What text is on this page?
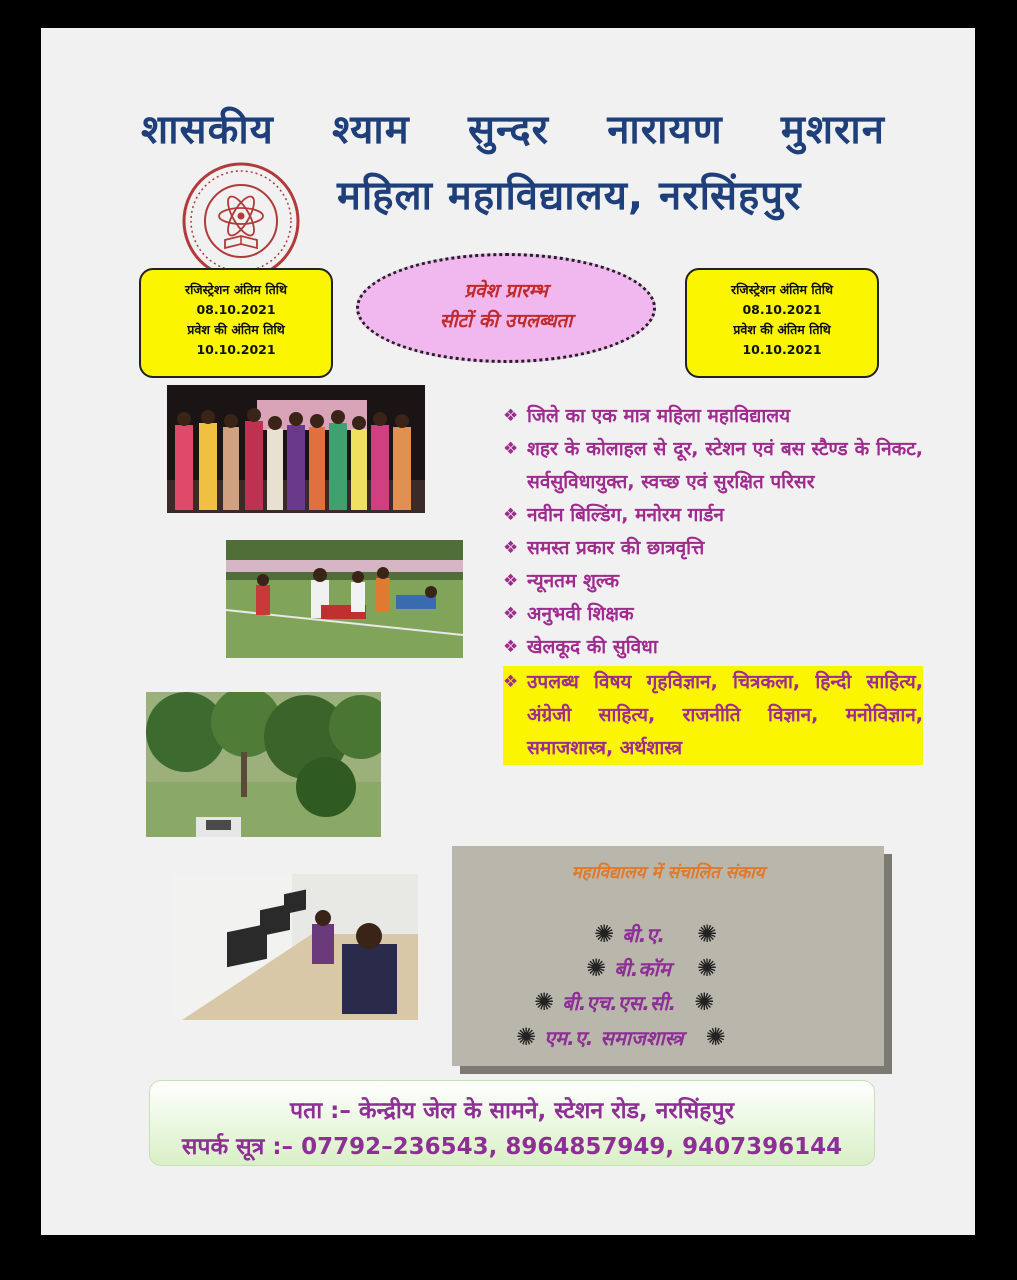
शासकीय श्याम सुन्दर नारायण मुशरान
महिला महाविद्यालय, नरसिंहपुर
रजिस्ट्रेशन अंतिम तिथि
08.10.2021
प्रवेश की अंतिम तिथि
10.10.2021
प्रवेश प्रारम्भ
सीटों की उपलब्धता
रजिस्ट्रेशन अंतिम तिथि
08.10.2021
प्रवेश की अंतिम तिथि
10.10.2021
❖ जिले का एक मात्र महिला महाविद्यालय
❖ शहर के कोलाहल से दूर, स्टेशन एवं बस स्टैण्ड के निकट, सर्वसुविधायुक्त, स्वच्छ एवं सुरक्षित परिसर
❖ नवीन बिल्डिंग, मनोरम गार्डन
❖ समस्त प्रकार की छात्रवृत्ति
❖ न्यूनतम शुल्क
❖ अनुभवी शिक्षक
❖ खेलकूद की सुविधा
❖ उपलब्ध विषय गृहविज्ञान, चित्रकला, हिन्दी साहित्य, अंग्रेजी साहित्य, राजनीति विज्ञान, मनोविज्ञान, समाजशास्त्र, अर्थशास्त्र
महाविद्यालय में संचालित संकाय
✺ बी.ए. ✺
✺ बी.कॉम ✺
✺ बी.एच.एस.सी. ✺
✺ एम.ए. समाजशास्त्र ✺
पता :– केन्द्रीय जेल के सामने, स्टेशन रोड, नरसिंहपुर
सपर्क सूत्र :– 07792–236543, 8964857949, 9407396144
